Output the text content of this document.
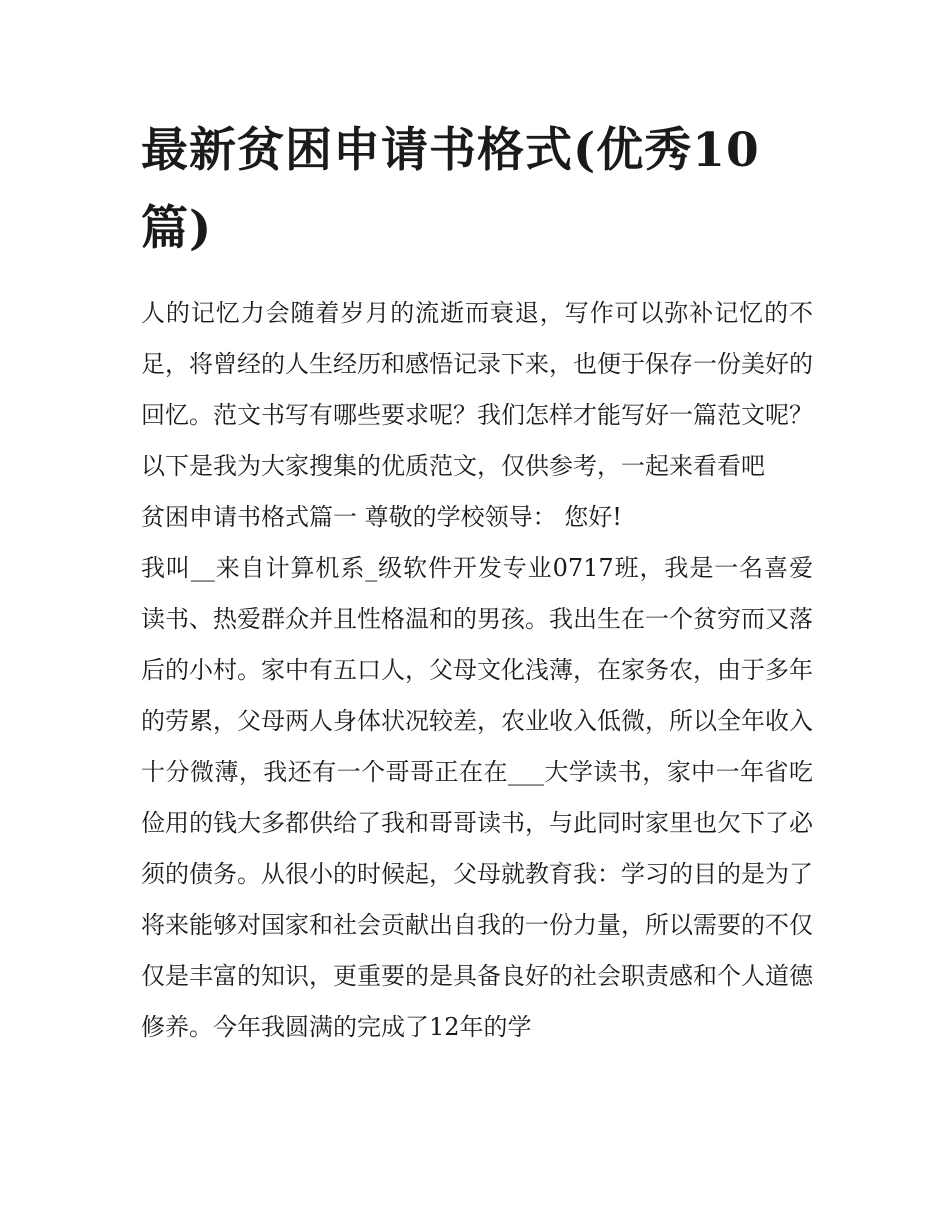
最新贫困申请书格式(优秀10篇)

人的记忆力会随着岁月的流逝而衰退，写作可以弥补记忆的不足，将曾经的人生经历和感悟记录下来，也便于保存一份美好的回忆。范文书写有哪些要求呢？我们怎样才能写好一篇范文呢？以下是我为大家搜集的优质范文，仅供参考，一起来看看吧

贫困申请书格式篇一 尊敬的学校领导： 您好!

我叫__来自计算机系_级软件开发专业0717班，我是一名喜爱读书、热爱群众并且性格温和的男孩。我出生在一个贫穷而又落后的小村。家中有五口人，父母文化浅薄，在家务农，由于多年的劳累，父母两人身体状况较差，农业收入低微，所以全年收入十分微薄，我还有一个哥哥正在在___大学读书，家中一年省吃俭用的钱大多都供给了我和哥哥读书，与此同时家里也欠下了必须的债务。从很小的时候起，父母就教育我：学习的目的是为了将来能够对国家和社会贡献出自我的一份力量，所以需要的不仅仅是丰富的知识，更重要的是具备良好的社会职责感和个人道德修养。今年我圆满的完成了12年的学
